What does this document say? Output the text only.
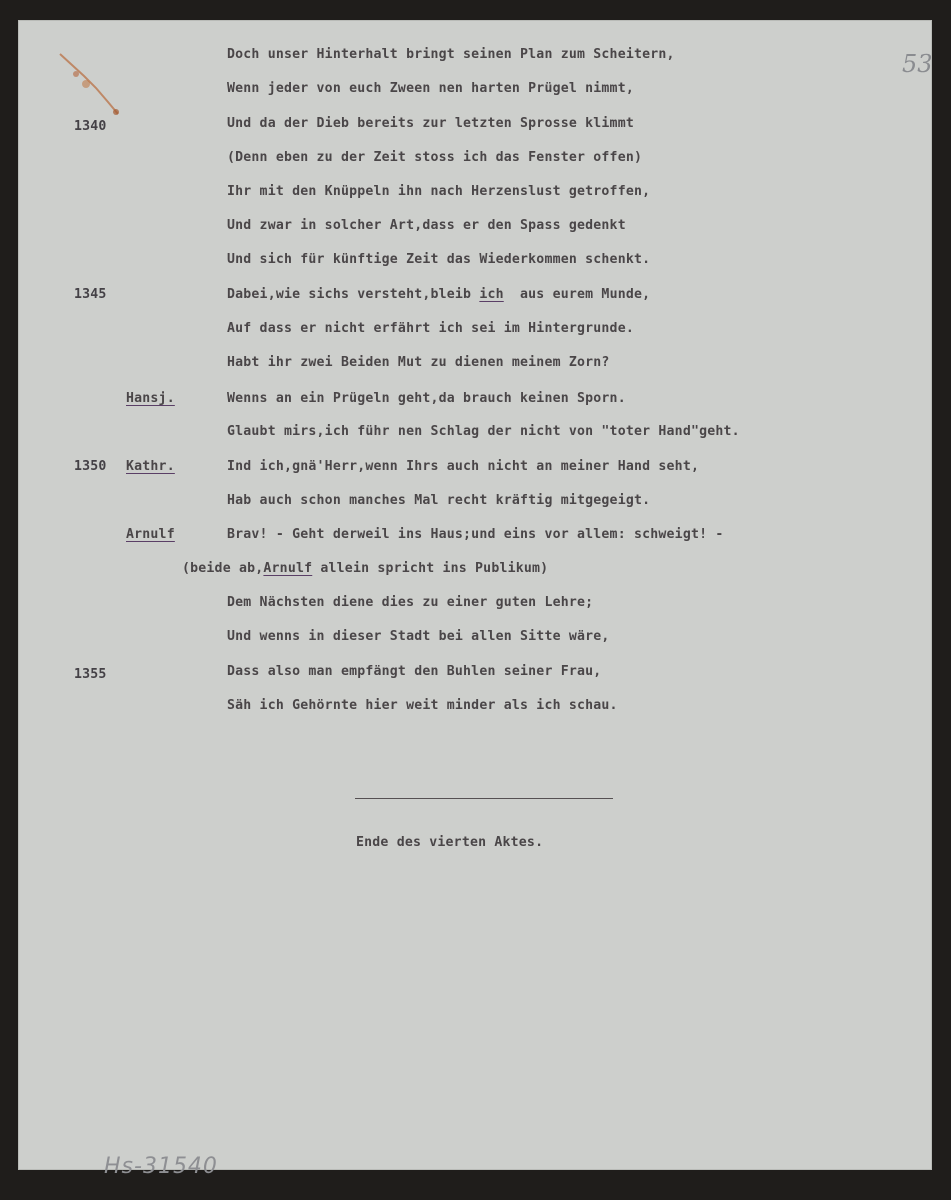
53
1340
1345
1350
1355
Hansj.
Kathr.
Arnulf
Doch unser Hinterhalt bringt seinen Plan zum Scheitern,
Wenn jeder von euch Zween nen harten Prügel nimmt,
Und da der Dieb bereits zur letzten Sprosse klimmt
(Denn eben zu der Zeit stoss ich das Fenster offen)
Ihr mit den Knüppeln ihn nach Herzenslust getroffen,
Und zwar in solcher Art,dass er den Spass gedenkt
Und sich für künftige Zeit das Wiederkommen schenkt.
Dabei,wie sichs versteht,bleib ich  aus eurem Munde,
Auf dass er nicht erfährt ich sei im Hintergrunde.
Habt ihr zwei Beiden Mut zu dienen meinem Zorn?
Wenns an ein Prügeln geht,da brauch keinen Sporn.
Glaubt mirs,ich führ nen Schlag der nicht von "toter Hand"geht.
Ind ich,gnä'Herr,wenn Ihrs auch nicht an meiner Hand seht,
Hab auch schon manches Mal recht kräftig mitgegeigt.
Brav! - Geht derweil ins Haus;und eins vor allem: schweigt! -
(beide ab,Arnulf allein spricht ins Publikum)
Dem Nächsten diene dies zu einer guten Lehre;
Und wenns in dieser Stadt bei allen Sitte wäre,
Dass also man empfängt den Buhlen seiner Frau,
Säh ich Gehörnte hier weit minder als ich schau.
Ende des vierten Aktes.
Hs-31540
